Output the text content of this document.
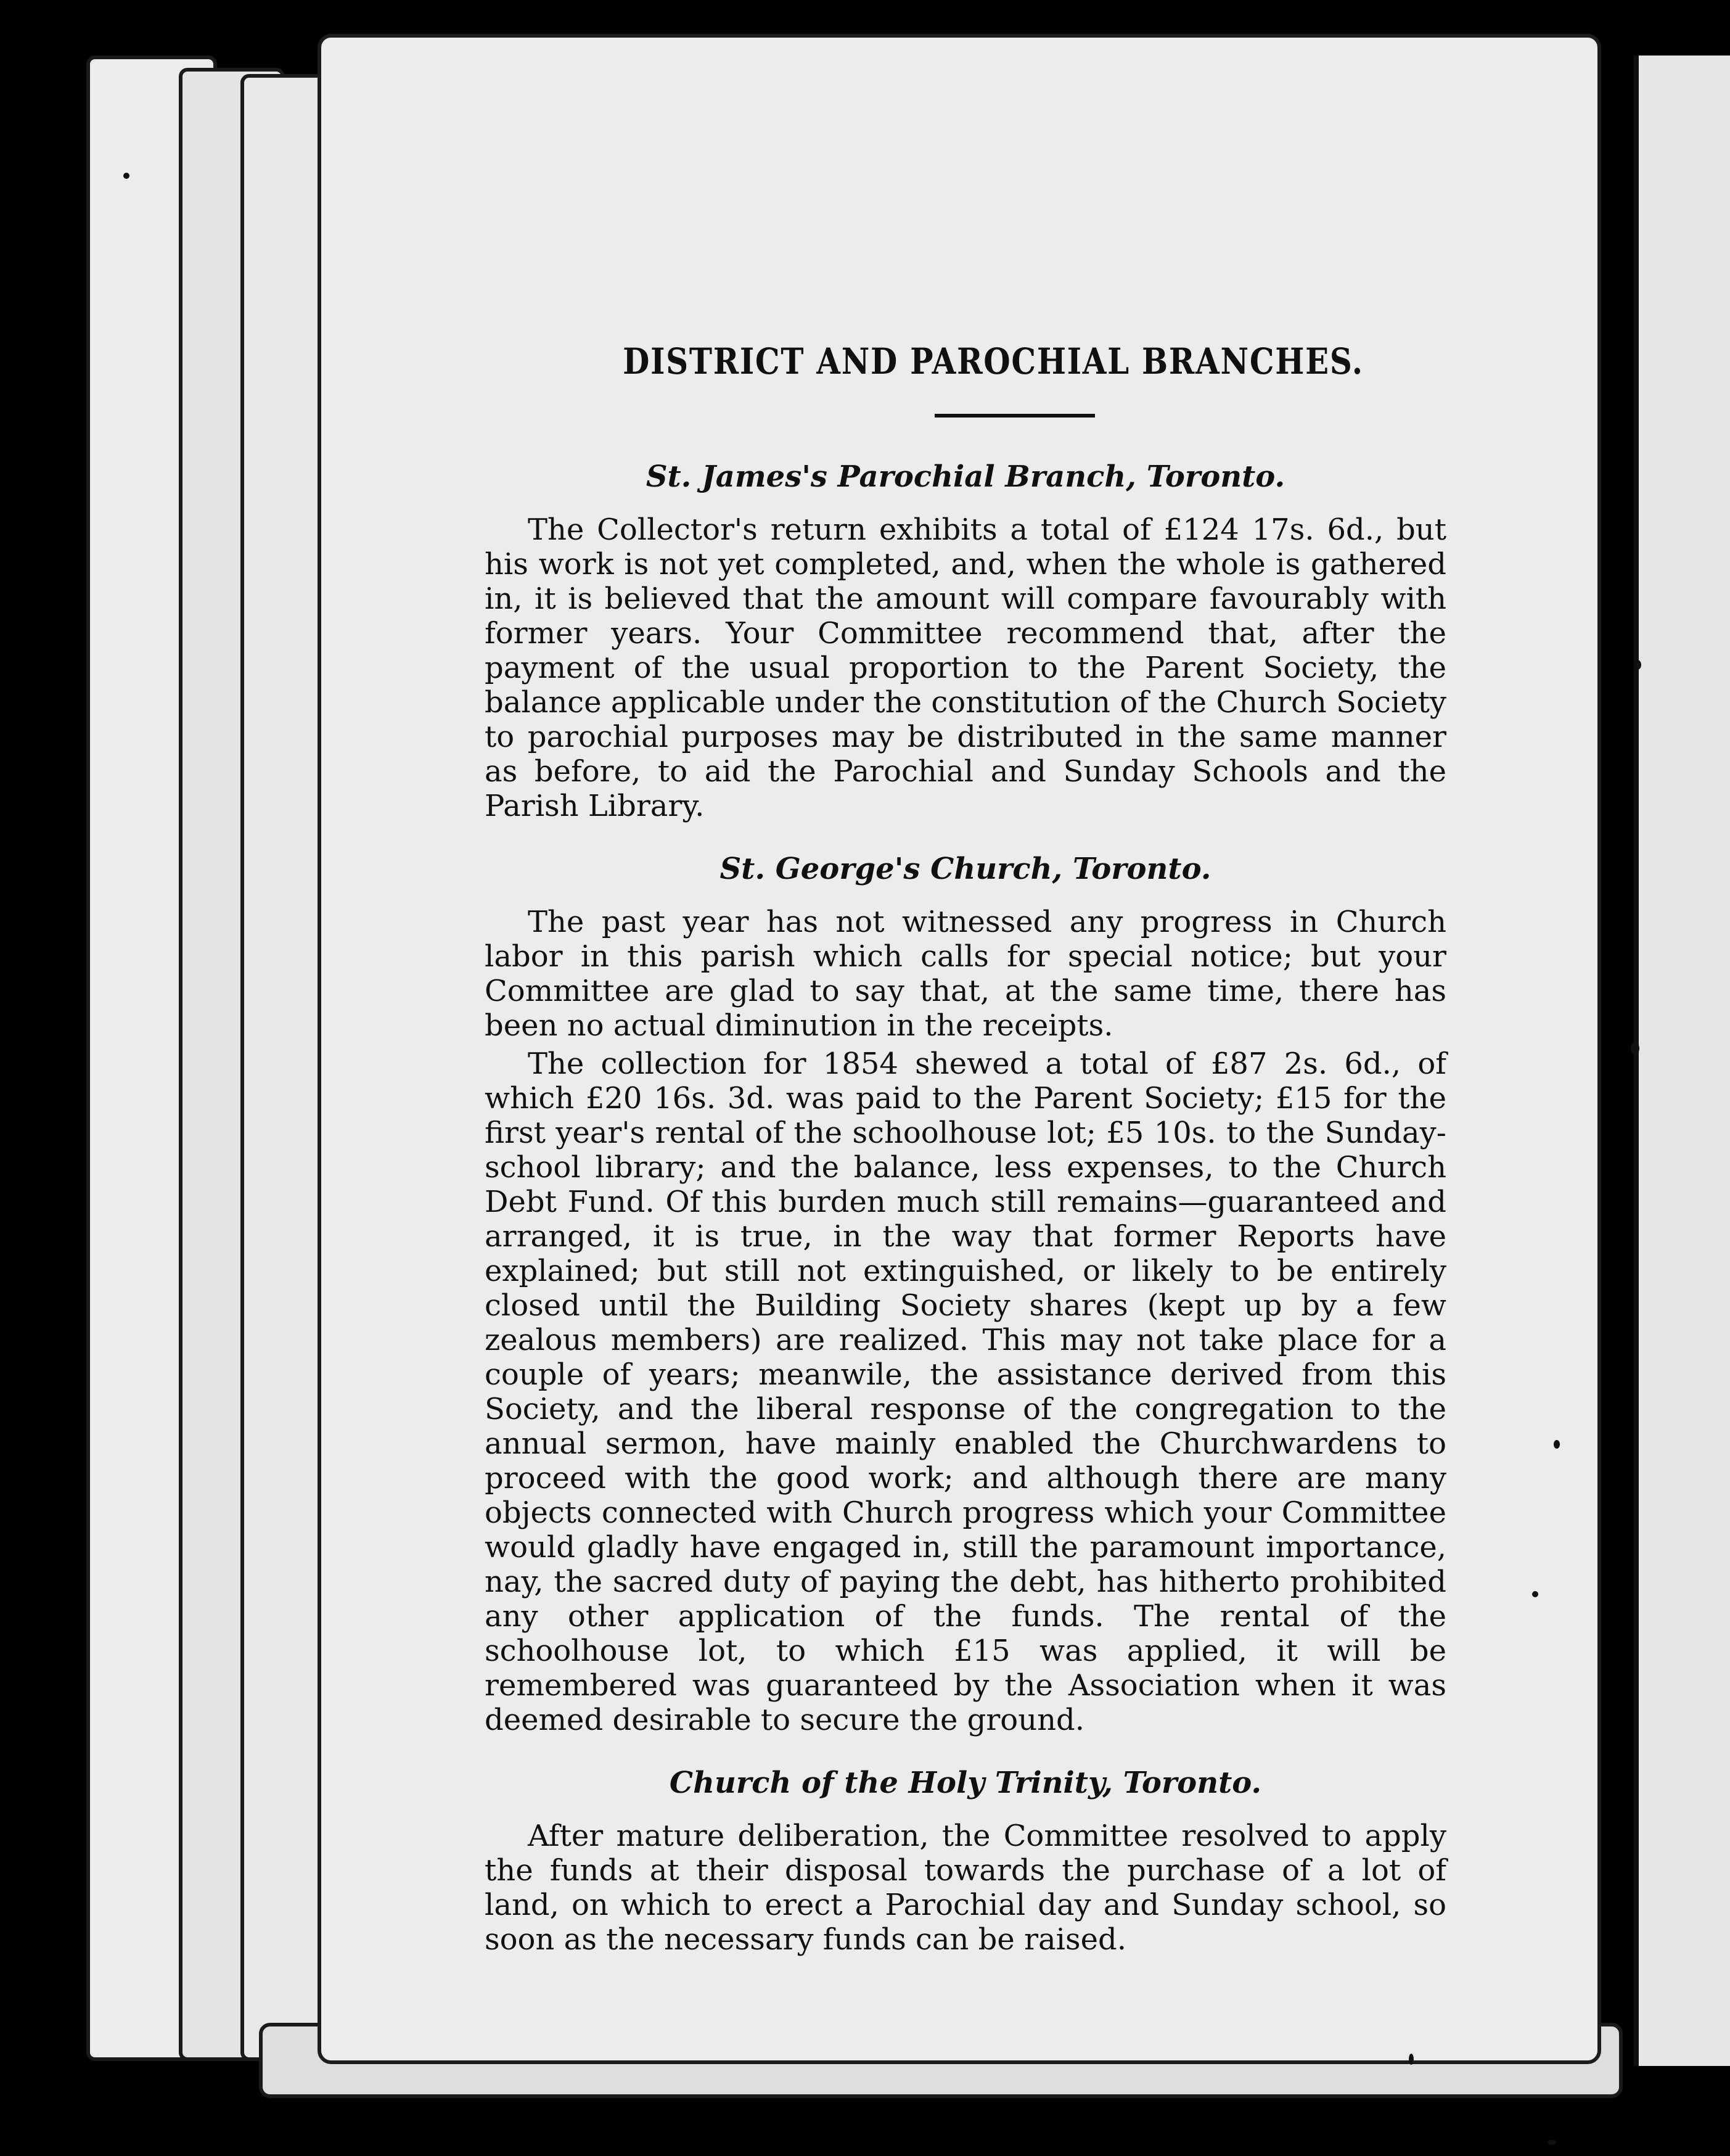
DISTRICT AND PAROCHIAL BRANCHES.
St. James's Parochial Branch, Toronto.

The Collector's return exhibits a total of £124 17s. 6d., but his work is not yet completed, and, when the whole is gathered in, it is believed that the amount will compare favourably with former years. Your Committee recommend that, after the payment of the usual proportion to the Parent Society, the balance applicable under the constitution of the Church Society to parochial purposes may be distributed in the same manner as before, to aid the Parochial and Sunday Schools and the Parish Library.

St. George's Church, Toronto.

The past year has not witnessed any progress in Church labor in this parish which calls for special notice; but your Committee are glad to say that, at the same time, there has been no actual diminution in the receipts.

The collection for 1854 shewed a total of £87 2s. 6d., of which £20 16s. 3d. was paid to the Parent Society; £15 for the first year's rental of the schoolhouse lot; £5 10s. to the Sunday-school library; and the balance, less expenses, to the Church Debt Fund. Of this burden much still remains—guaranteed and arranged, it is true, in the way that former Reports have explained; but still not extinguished, or likely to be entirely closed until the Building Society shares (kept up by a few zealous members) are realized. This may not take place for a couple of years; meanwile, the assistance derived from this Society, and the liberal response of the congregation to the annual sermon, have mainly enabled the Churchwardens to proceed with the good work; and although there are many objects connected with Church progress which your Committee would gladly have engaged in, still the paramount importance, nay, the sacred duty of paying the debt, has hitherto prohibited any other application of the funds. The rental of the schoolhouse lot, to which £15 was applied, it will be remembered was guaranteed by the Association when it was deemed desirable to secure the ground.

Church of the Holy Trinity, Toronto.

After mature deliberation, the Committee resolved to apply the funds at their disposal towards the purchase of a lot of land, on which to erect a Parochial day and Sunday school, so soon as the necessary funds can be raised.
